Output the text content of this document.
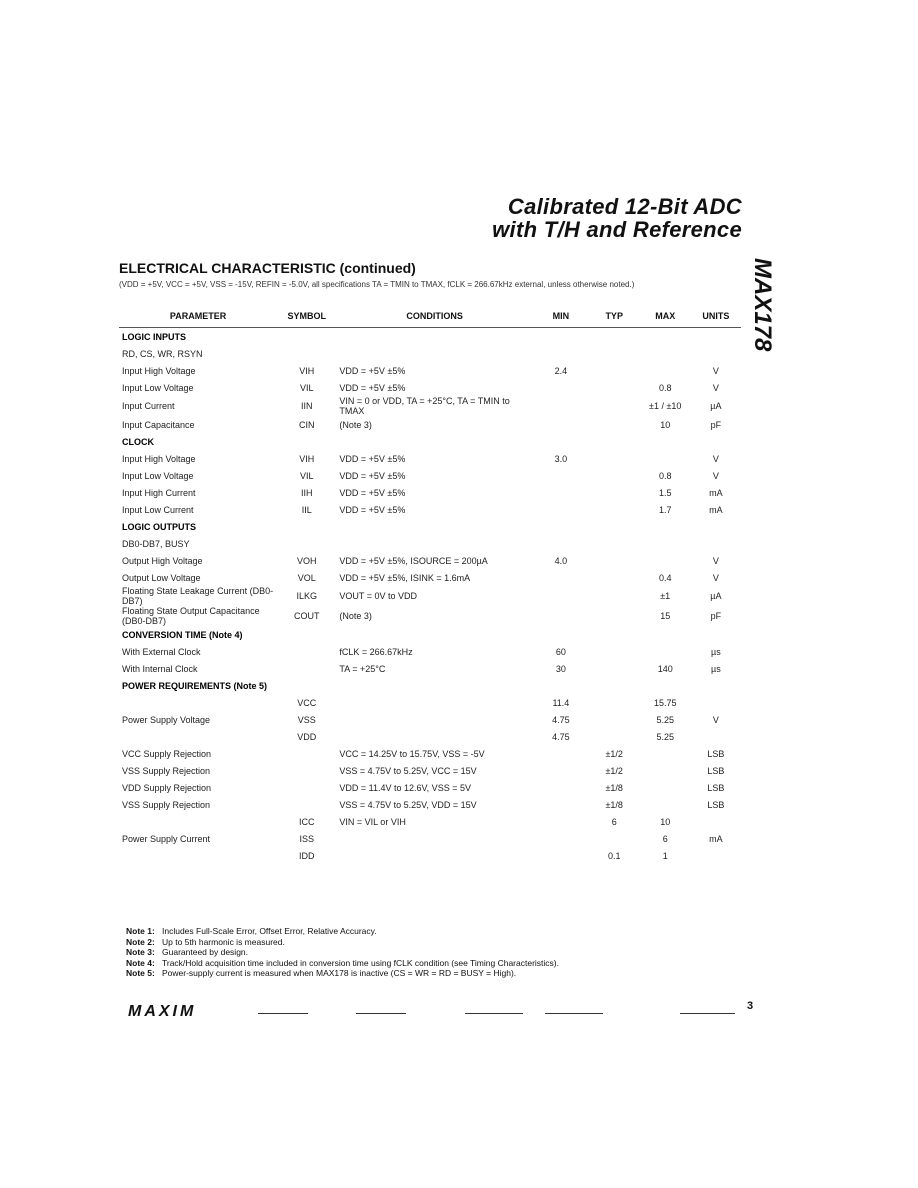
Calibrated 12-Bit ADC
with T/H and Reference
MAX178
ELECTRICAL CHARACTERISTIC (continued)
(VDD = +5V, VCC = +5V, VSS = -15V, REFIN = -5.0V, all specifications TA = TMIN to TMAX, fCLK = 266.67kHz external, unless otherwise noted.)
PARAMETER	SYMBOL	CONDITIONS	MIN	TYP	MAX	UNITS
LOGIC INPUTS						
RD, CS, WR, RSYN						
Input High Voltage	VIH	VDD = +5V ±5%	2.4			V
Input Low Voltage	VIL	VDD = +5V ±5%			0.8	V
Input Current	IIN	VIN = 0 or VDD, TA = +25°C, TA = TMIN to TMAX			±1 / ±10	µA
Input Capacitance	CIN	(Note 3)			10	pF
CLOCK						
Input High Voltage	VIH	VDD = +5V ±5%	3.0			V
Input Low Voltage	VIL	VDD = +5V ±5%			0.8	V
Input High Current	IIH	VDD = +5V ±5%			1.5	mA
Input Low Current	IIL	VDD = +5V ±5%			1.7	mA
LOGIC OUTPUTS						
DB0-DB7, BUSY						
Output High Voltage	VOH	VDD = +5V ±5%, ISOURCE = 200µA	4.0			V
Output Low Voltage	VOL	VDD = +5V ±5%, ISINK = 1.6mA			0.4	V
Floating State Leakage Current (DB0-DB7)	ILKG	VOUT = 0V to VDD			±1	µA
Floating State Output Capacitance (DB0-DB7)	COUT	(Note 3)			15	pF
CONVERSION TIME (Note 4)						
With External Clock		fCLK = 266.67kHz	60			µs
With Internal Clock		TA = +25°C	30		140	µs
POWER REQUIREMENTS (Note 5)						
	VCC		11.4		15.75	
Power Supply Voltage	VSS		4.75		5.25	V
	VDD		4.75		5.25	
VCC Supply Rejection		VCC = 14.25V to 15.75V, VSS = -5V		±1/2		LSB
VSS Supply Rejection		VSS = 4.75V to 5.25V, VCC = 15V		±1/2		LSB
VDD Supply Rejection		VDD = 11.4V to 12.6V, VSS = 5V		±1/8		LSB
VSS Supply Rejection		VSS = 4.75V to 5.25V, VDD = 15V		±1/8		LSB
	ICC	VIN = VIL or VIH		6	10	
Power Supply Current	ISS				6	mA
	IDD			0.1	1	
Note 1: Includes Full-Scale Error, Offset Error, Relative Accuracy.
Note 2: Up to 5th harmonic is measured.
Note 3: Guaranteed by design.
Note 4: Track/Hold acquisition time included in conversion time using fCLK condition (see Timing Characteristics).
Note 5: Power-supply current is measured when MAX178 is inactive (CS = WR = RD = BUSY = High).
MAXIM	3
